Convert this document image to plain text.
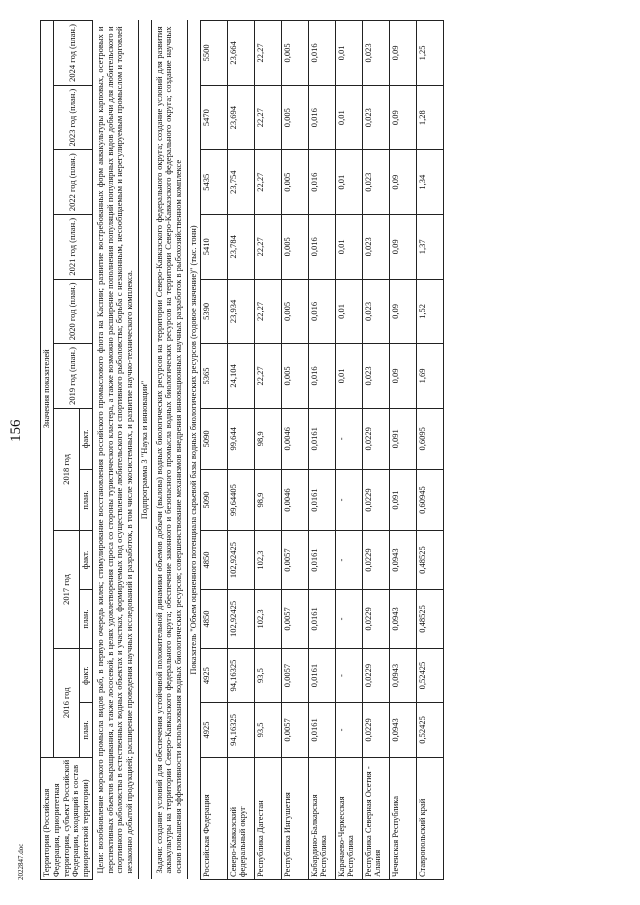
156
2022847.doc Территория (Российская Федерация, приоритетная территория, субъект Российской Федерации, входящий в состав приоритетной территории)	Значения показателей											
	2016 год		2017 год		2018 год		2019 год (план.)	2020 год (план.)	2021 год (план.)	2022 год (план.)	2023 год (план.)	2024 год (план.)
	план.	факт.	план.	факт.	план.	факт.						
Цели: возобновление морского промысла видов рыб, в первую очередь килек; стимулирование восстановления российского промыслового флота на Каспии; развитие востребованных форм аквакультуры карповых, осетровых и перспективных объектов выращивания, а также лососевой, в целях удовлетворения спроса со стороны туристического кластера, а также возможно расширение пополнения популяций популярных видов добычи для любительского и спортивного рыболовства в естественных водных объектах и участках, формируемых под осуществление любительского и спортивного рыболовства; борьба с незаконным, несообщаемым и нерегулируемым промыслом и торговлей незаконно добытой продукцией; расширение проведения научных исследований и разработок, в том числе экосистемных, и развитие научно-технического комплекса.												
Подпрограмма 3 "Наука и инновации"												
Задачи: создание условий для обеспечения устойчивой положительной динамики объемов добычи (вылова) водных биологических ресурсов на территории Северо-Кавказского федерального округа; создание условий для развития аквакультуры на территории Северо-Кавказского федерального округа; обеспечение законного и безопасного промысла водных биологических ресурсов на территории Северо-Кавказского федерального округа; создание научных основ повышения эффективности использования водных биологических ресурсов; совершенствование механизмов внедрения инновационных научных разработок в рыбохозяйственном комплексе												
Показатель "Объем оцененного потенциала сырьевой базы водных биологических ресурсов (годовое значение)" (тыс. тонн)												
Российская Федерация	4925	4925	4850	4850	5090	5090	5365	5390	5410	5435	5470	5500
Северо-Кавказский федеральный округ	94,16325	94,16325	102,92425	102,92425	99,64405	99,644	24,104	23,934	23,784	23,754	23,694	23,664
Республика Дагестан	93,5	93,5	102,3	102,3	98,9	98,9	22,27	22,27	22,27	22,27	22,27	22,27
Республика Ингушетия	0,0057	0,0057	0,0057	0,0057	0,0046	0,0046	0,005	0,005	0,005	0,005	0,005	0,005
Кабардино-Балкарская Республика	0,0161	0,0161	0,0161	0,0161	0,0161	0,0161	0,016	0,016	0,016	0,016	0,016	0,016
Карачаево-Черкесская Республика	-	-	-	-	-	-	0,01	0,01	0,01	0,01	0,01	0,01
Республика Северная Осетия - Алания	0,0229	0,0229	0,0229	0,0229	0,0229	0,0229	0,023	0,023	0,023	0,023	0,023	0,023
Чеченская Республика	0,0943	0,0943	0,0943	0,0943	0,091	0,091	0,09	0,09	0,09	0,09	0,09	0,09
Ставропольский край	0,52425	0,52425	0,48525	0,48525	0,60945	0,6095	1,69	1,52	1,37	1,34	1,28	1,25
